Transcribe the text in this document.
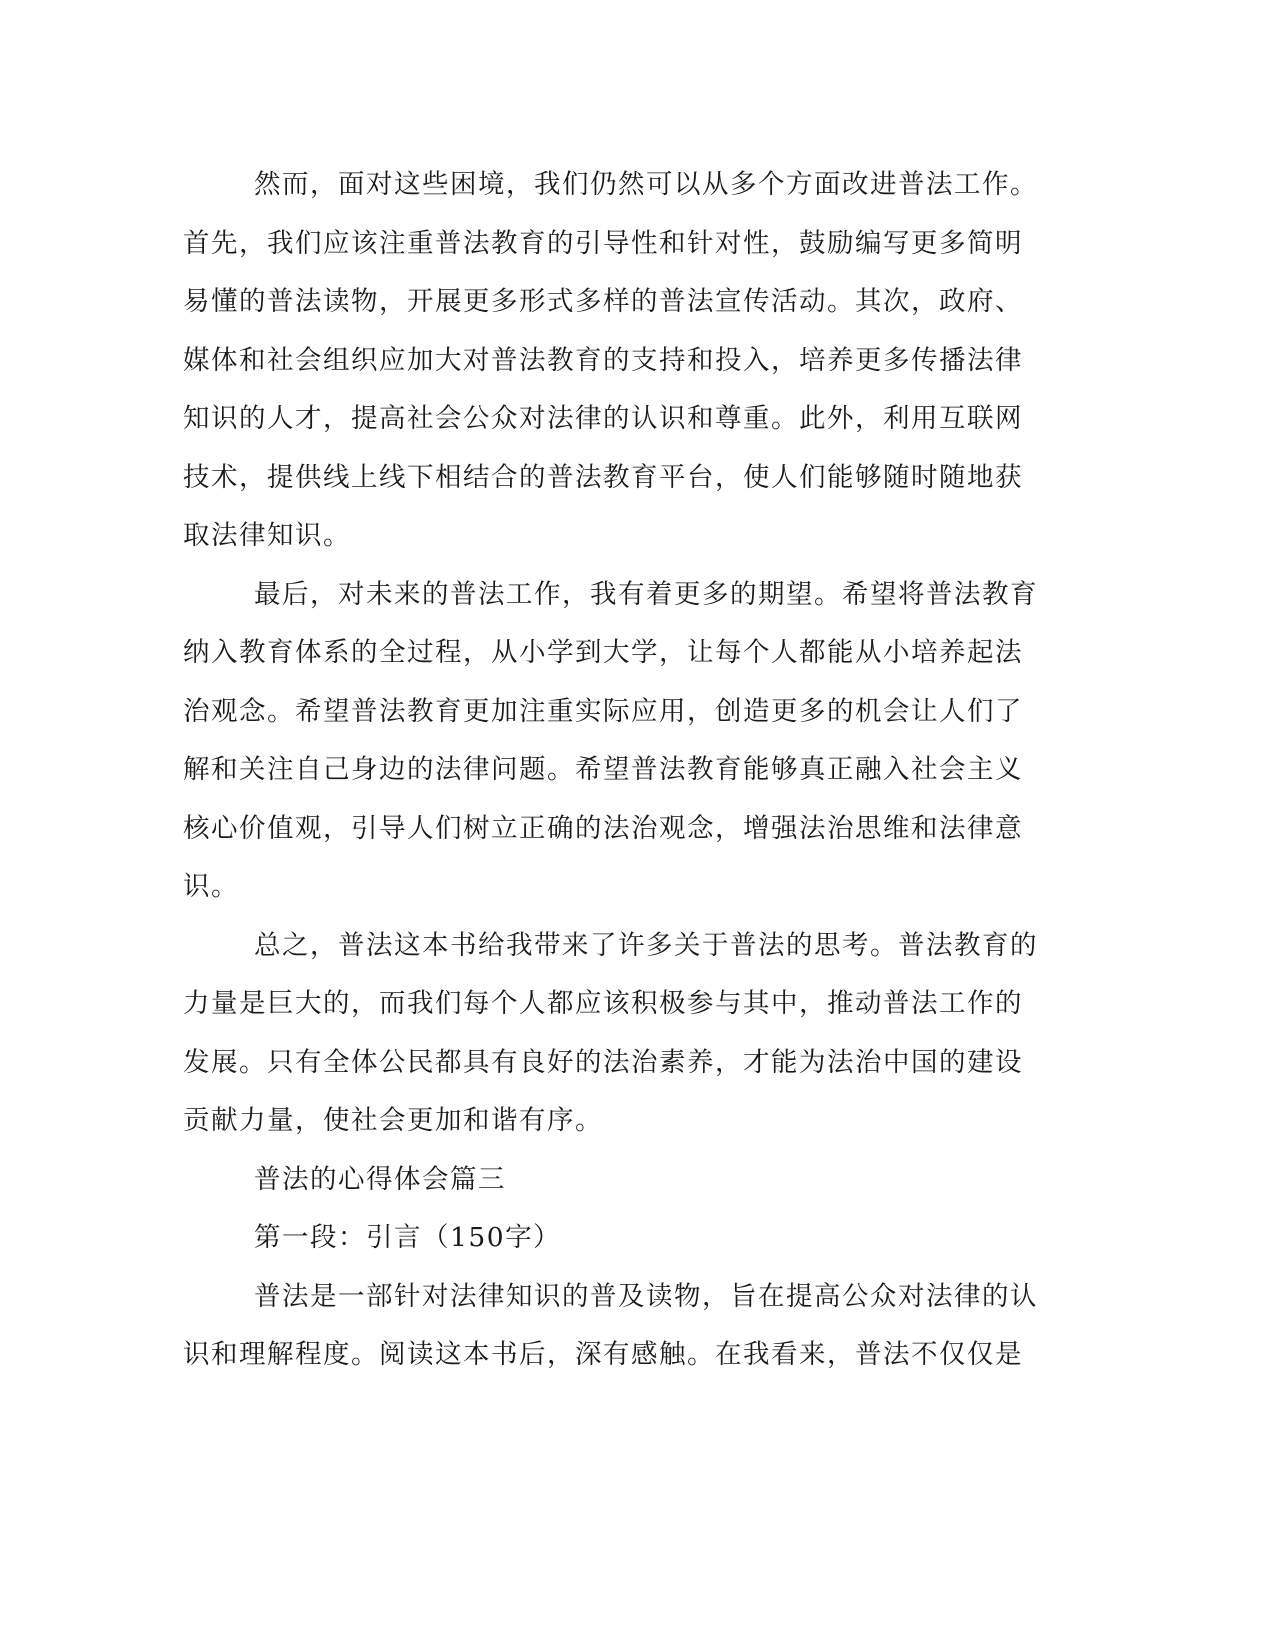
然而，面对这些困境，我们仍然可以从多个方面改进普法工作。
首先，我们应该注重普法教育的引导性和针对性，鼓励编写更多简明
易懂的普法读物，开展更多形式多样的普法宣传活动。其次，政府、
媒体和社会组织应加大对普法教育的支持和投入，培养更多传播法律
知识的人才，提高社会公众对法律的认识和尊重。此外，利用互联网
技术，提供线上线下相结合的普法教育平台，使人们能够随时随地获
取法律知识。
最后，对未来的普法工作，我有着更多的期望。希望将普法教育
纳入教育体系的全过程，从小学到大学，让每个人都能从小培养起法
治观念。希望普法教育更加注重实际应用，创造更多的机会让人们了
解和关注自己身边的法律问题。希望普法教育能够真正融入社会主义
核心价值观，引导人们树立正确的法治观念，增强法治思维和法律意
识。
总之，普法这本书给我带来了许多关于普法的思考。普法教育的
力量是巨大的，而我们每个人都应该积极参与其中，推动普法工作的
发展。只有全体公民都具有良好的法治素养，才能为法治中国的建设
贡献力量，使社会更加和谐有序。
普法的心得体会篇三
第一段：引言（150字）
普法是一部针对法律知识的普及读物，旨在提高公众对法律的认
识和理解程度。阅读这本书后，深有感触。在我看来，普法不仅仅是
